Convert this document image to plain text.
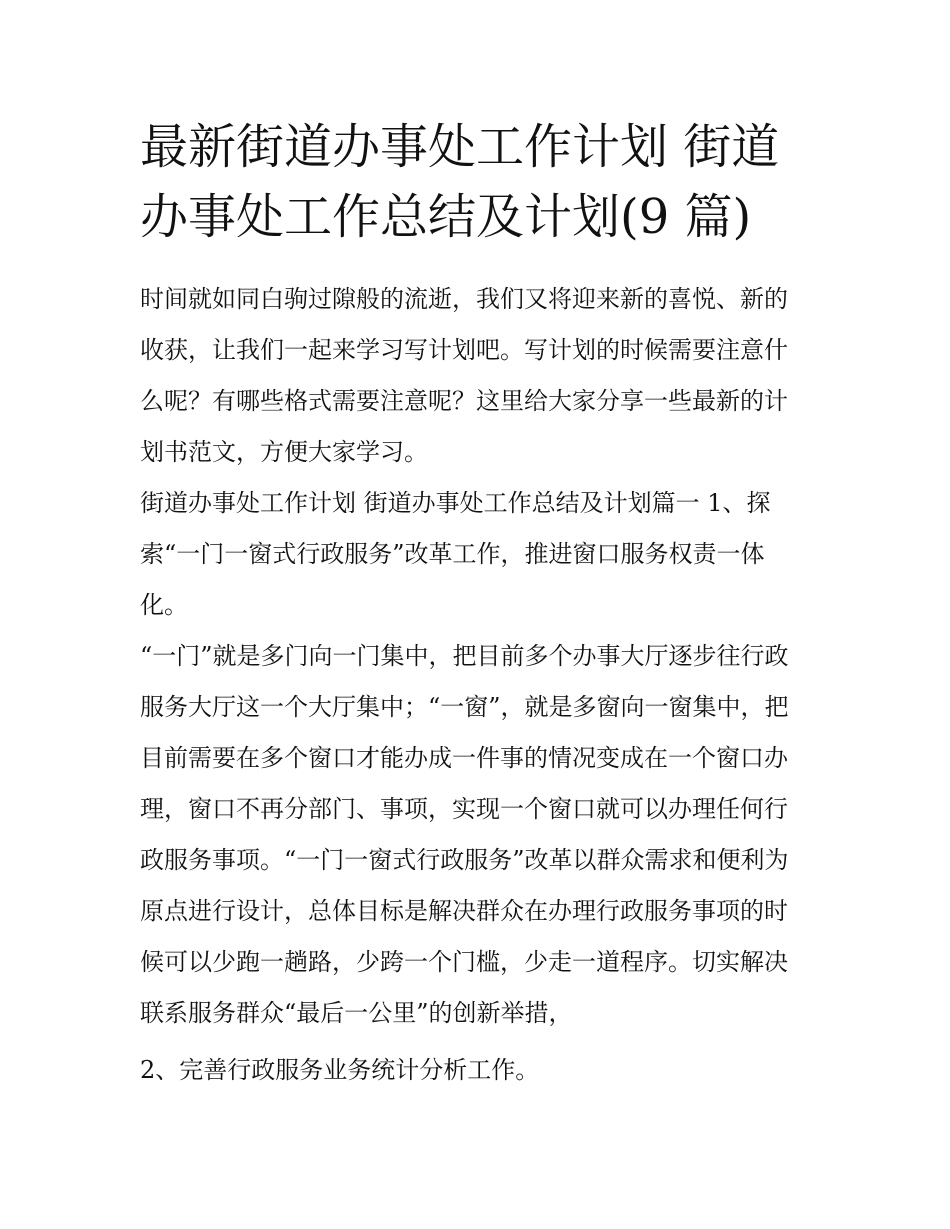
最新街道办事处工作计划 街道
办事处工作总结及计划(9 篇)
时间就如同白驹过隙般的流逝，我们又将迎来新的喜悦、新的
收获，让我们一起来学习写计划吧。写计划的时候需要注意什
么呢？有哪些格式需要注意呢？这里给大家分享一些最新的计
划书范文，方便大家学习。
街道办事处工作计划 街道办事处工作总结及计划篇一 1、探
索“一门一窗式行政服务”改革工作，推进窗口服务权责一体
化。
“一门”就是多门向一门集中，把目前多个办事大厅逐步往行政
服务大厅这一个大厅集中；“一窗”，就是多窗向一窗集中，把
目前需要在多个窗口才能办成一件事的情况变成在一个窗口办
理，窗口不再分部门、事项，实现一个窗口就可以办理任何行
政服务事项。“一门一窗式行政服务”改革以群众需求和便利为
原点进行设计，总体目标是解决群众在办理行政服务事项的时
候可以少跑一趟路，少跨一个门槛，少走一道程序。切实解决
联系服务群众“最后一公里”的创新举措，
2、完善行政服务业务统计分析工作。
